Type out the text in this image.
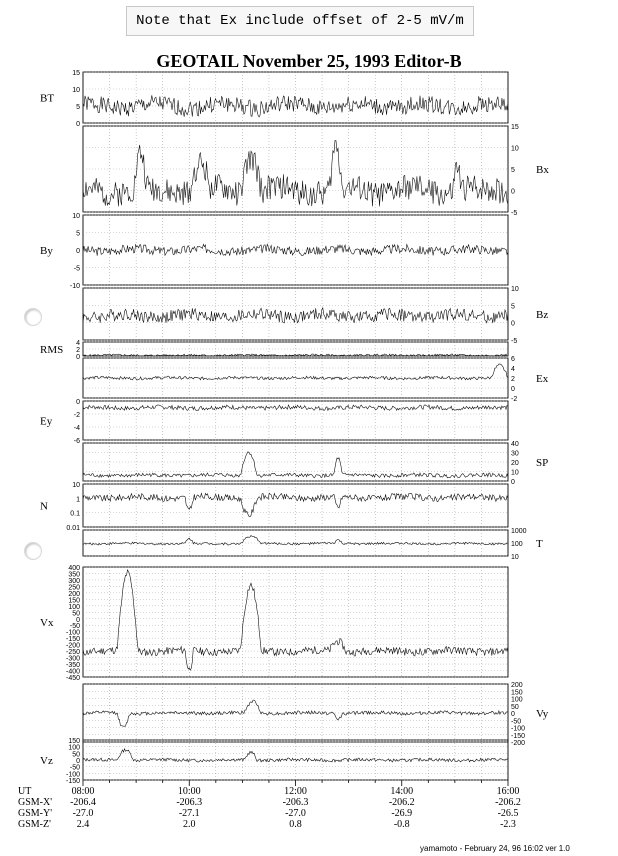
Note that Ex include offset of 2-5 mV/m
GEOTAIL November 25, 1993 Editor-B
15
10
5
0
BT
15
10
5
0
-5
Bx
10
5
0
-5
-10
By
10
5
0
-5
Bz
4
2
0
RMS
6
4
2
0
-2
Ex
0
-2
-4
-6
Ey
40
30
20
10
0
SP
10
1
0.1
0.01
N
1000
100
10
T
400
350
300
250
200
150
100
50
0
-50
-100
-150
-200
-250
-300
-350
-400
-450
Vx
200
150
100
50
0
-50
-100
-150
-200
Vy
150
100
50
0
-50
-100
-150
Vz
UT
GSM-X'
GSM-Y'
GSM-Z'
08:00
-206.4
-27.0
2.4
10:00
-206.3
-27.1
2.0
12:00
-206.3
-27.0
0.8
14:00
-206.2
-26.9
-0.8
16:00
-206.2
-26.5
-2.3
yamamoto - February 24, 96 16:02 ver 1.0
